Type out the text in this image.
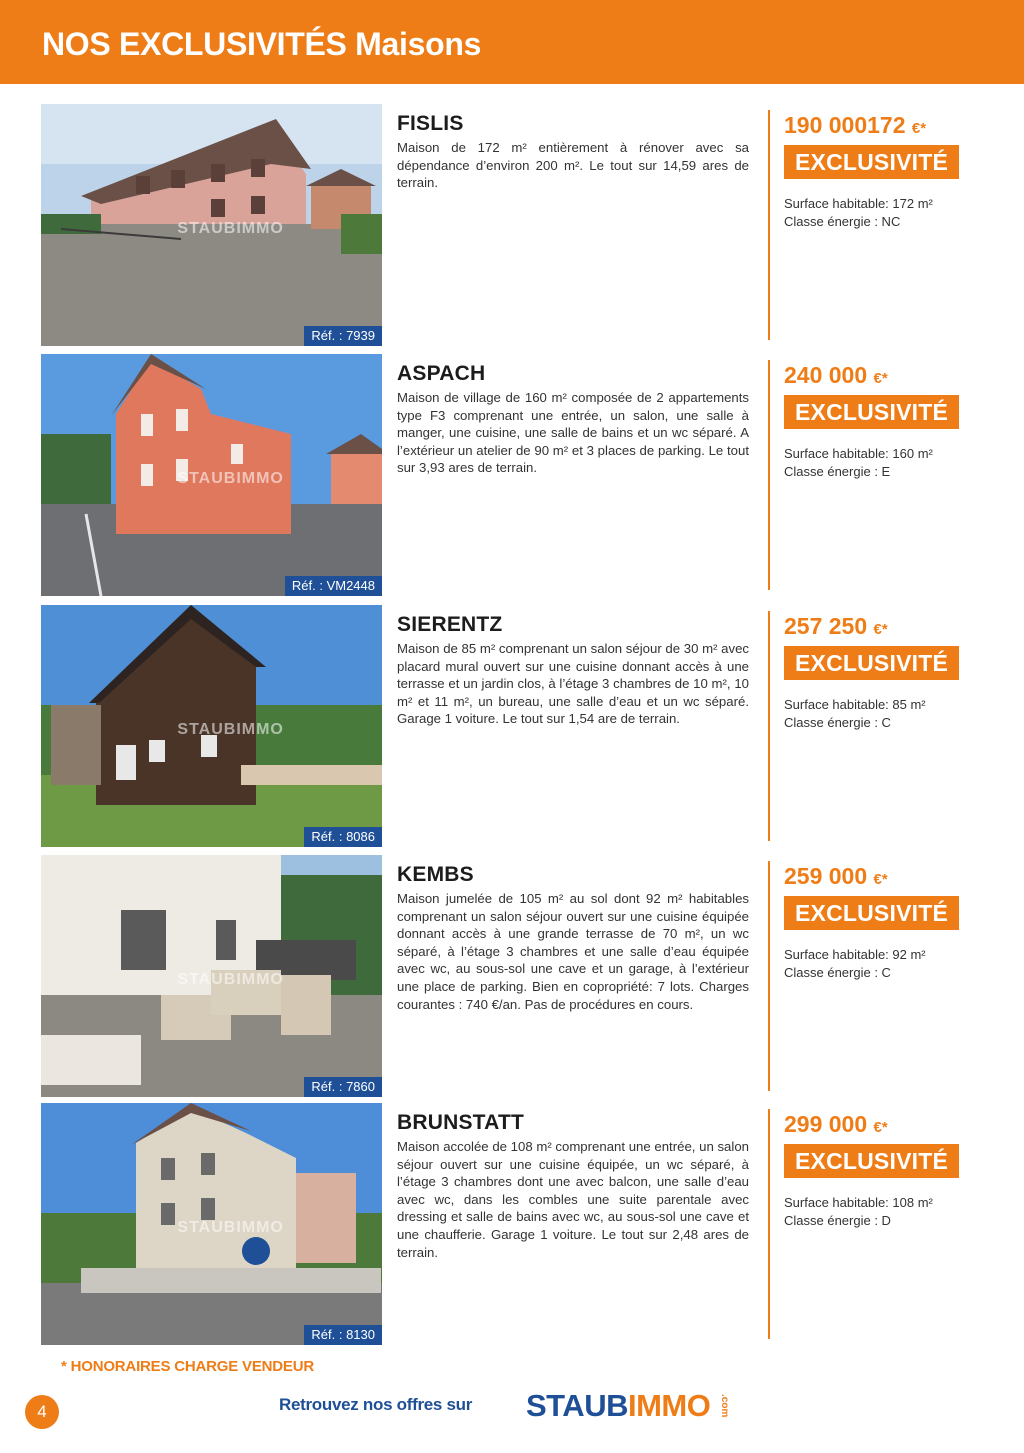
NOS EXCLUSIVITÉS Maisons
STAUBIMMO
Réf. : 7939
FISLIS
Maison de 172 m² entièrement à rénover avec sa dépendance d’environ 200 m². Le tout sur 14,59 ares de terrain.
190 000172 €*
EXCLUSIVITÉ
Surface habitable: 172 m²
Classe énergie : NC
STAUBIMMO
Réf. : VM2448
ASPACH
Maison de village de 160 m² composée de 2 appartements type F3 comprenant une entrée, un salon, une salle à manger, une cuisine, une salle de bains et un wc séparé. A l’extérieur un atelier de 90 m² et 3 places de parking. Le tout sur 3,93 ares de terrain.
240 000 €*
EXCLUSIVITÉ
Surface habitable: 160 m²
Classe énergie : E
STAUBIMMO
Réf. : 8086
SIERENTZ
Maison de 85 m² comprenant un salon séjour de 30 m² avec placard mural ouvert sur une cuisine donnant accès à une terrasse et un jardin clos, à l’étage 3 chambres de 10 m², 10 m² et 11 m², un bureau, une salle d’eau et un wc séparé. Garage 1 voiture. Le tout sur 1,54 are de terrain.
257 250 €*
EXCLUSIVITÉ
Surface habitable: 85 m²
Classe énergie : C
STAUBIMMO
Réf. : 7860
KEMBS
Maison jumelée de 105 m² au sol dont 92 m² habitables comprenant un salon séjour ouvert sur une cuisine équipée donnant accès à une grande terrasse de 70 m², un wc séparé, à l’étage 3 chambres et une salle d’eau équipée avec wc, au sous-sol une cave et un garage, à l’extérieur une place de parking. Bien en copropriété: 7 lots. Charges courantes : 740 €/an. Pas de procédures en cours.
259 000 €*
EXCLUSIVITÉ
Surface habitable: 92 m²
Classe énergie : C
STAUBIMMO
Réf. : 8130
BRUNSTATT
Maison accolée de 108 m² comprenant une entrée, un salon séjour ouvert sur une cuisine équipée, un wc séparé, à l’étage 3 chambres dont une avec balcon, une salle d’eau avec wc, dans les combles une suite parentale avec dressing et salle de bains avec wc, au sous-sol une cave et une chaufferie. Garage 1 voiture. Le tout sur 2,48 ares de terrain.
299 000 €*
EXCLUSIVITÉ
Surface habitable: 108 m²
Classe énergie : D
* HONORAIRES CHARGE VENDEUR
4	Retrouvez nos offres sur STAUBIMMO .com
